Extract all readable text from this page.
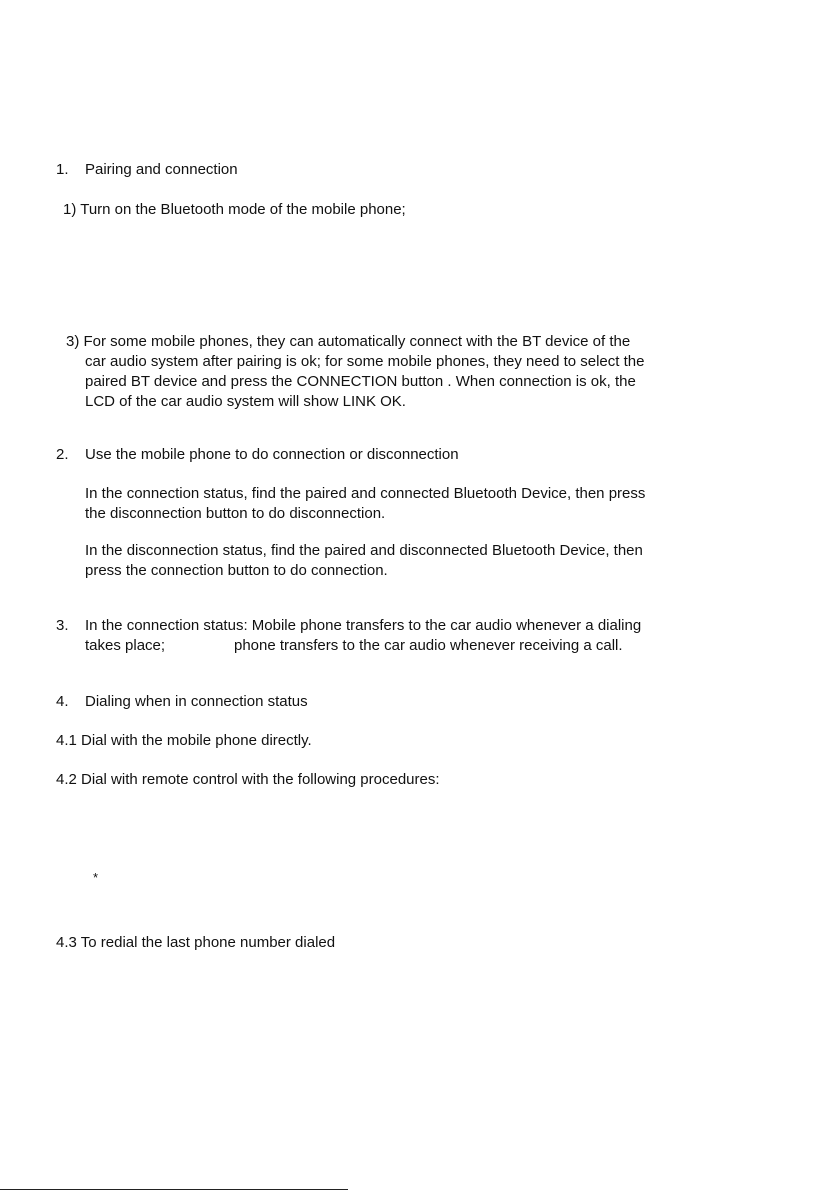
1. Pairing and connection
1) Turn on the Bluetooth mode of the mobile phone;
3) For some mobile phones, they can automatically connect with the BT device of the
car audio system after pairing is ok; for some mobile phones, they need to select the
paired BT device and press the CONNECTION button . When connection is ok, the
LCD of the car audio system will show LINK OK.
2. Use the mobile phone to do connection or disconnection
In the connection status, find the paired and connected Bluetooth Device, then press
the disconnection button to do disconnection.
In the disconnection status, find the paired and disconnected Bluetooth Device, then
press the connection button to do connection.
3. In the connection status: Mobile phone transfers to the car audio whenever a dialing
takes place;	phone transfers to the car audio whenever receiving a call.
4. Dialing when in connection status
4.1 Dial with the mobile phone directly.
4.2 Dial with remote control with the following procedures:
*
4.3 To redial the last phone number dialed
